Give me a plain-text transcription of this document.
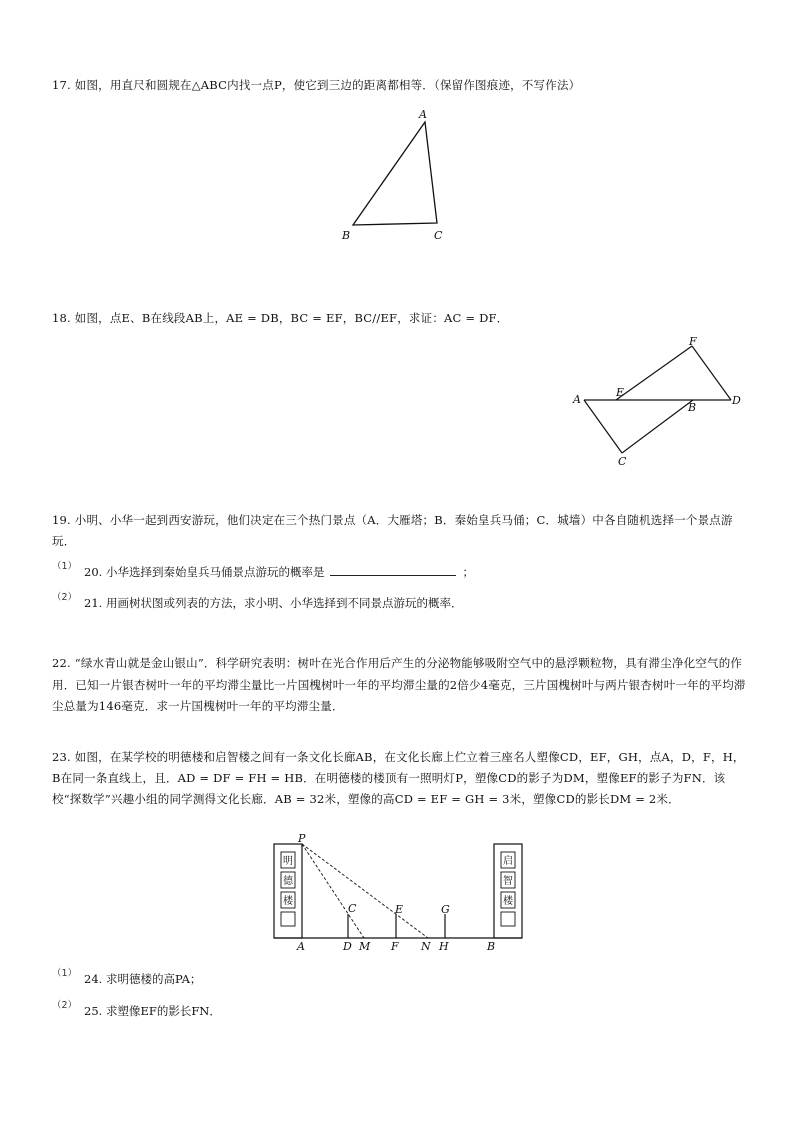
17. 如图，用直尺和圆规在△ABC内找一点P，使它到三边的距离都相等．（保留作图痕迹，不写作法）
A
B	C
18. 如图，点E、B在线段AB上，AE = DB，BC = EF，BC//EF，求证：AC = DF．
A
E
B
D
F
C
19. 小明、小华一起到西安游玩，他们决定在三个热门景点（A．大雁塔；B．秦始皇兵马俑；C．城墙）中各自随机选择一个景点游玩．
（1） 20. 小华选择到秦始皇兵马俑景点游玩的概率是	；
（2） 21. 用画树状图或列表的方法，求小明、小华选择到不同景点游玩的概率．
22. “绿水青山就是金山银山”．科学研究表明：树叶在光合作用后产生的分泌物能够吸附空气中的悬浮颗粒物，具有滞尘净化空气的作用．已知一片银杏树叶一年的平均滞尘量比一片国槐树叶一年的平均滞尘量的2倍少4毫克，三片国槐树叶与两片银杏树叶一年的平均滞尘总量为146毫克．求一片国槐树叶一年的平均滞尘量．
23. 如图，在某学校的明德楼和启智楼之间有一条文化长廊AB，在文化长廊上伫立着三座名人塑像CD，EF，GH，点A，D，F，H，B在同一条直线上，且．AD = DF = FH = HB．在明德楼的楼顶有一照明灯P，塑像CD的影子为DM，塑像EF的影子为FN．该校“探数学”兴趣小组的同学测得文化长廊．AB = 32米，塑像的高CD = EF = GH = 3米，塑像CD的影长DM = 2米．
明
德
楼
启
智
楼
P
C	E	G
A	D M F N H	B
（1） 24. 求明德楼的高PA；
（2） 25. 求塑像EF的影长FN．
